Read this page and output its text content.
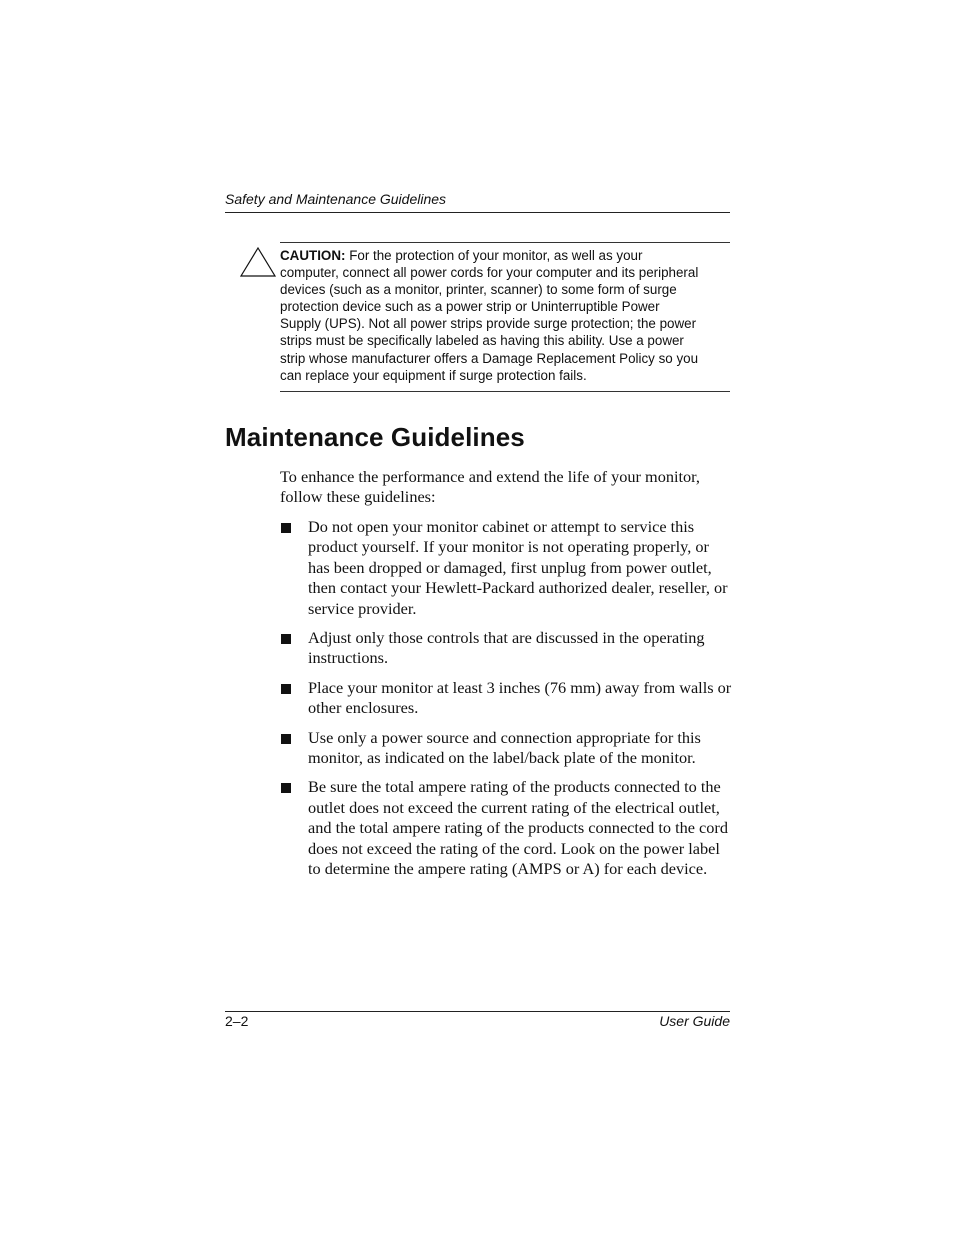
Safety and Maintenance Guidelines
CAUTION: For the protection of your monitor, as well as your computer, connect all power cords for your computer and its peripheral devices (such as a monitor, printer, scanner) to some form of surge protection device such as a power strip or Uninterruptible Power Supply (UPS). Not all power strips provide surge protection; the power strips must be specifically labeled as having this ability. Use a power strip whose manufacturer offers a Damage Replacement Policy so you can replace your equipment if surge protection fails.
Maintenance Guidelines

To enhance the performance and extend the life of your monitor, follow these guidelines:

Do not open your monitor cabinet or attempt to service this product yourself. If your monitor is not operating properly, or has been dropped or damaged, first unplug from power outlet, then contact your Hewlett-Packard authorized dealer, reseller, or service provider.
Adjust only those controls that are discussed in the operating instructions.
Place your monitor at least 3 inches (76 mm) away from walls or other enclosures.
Use only a power source and connection appropriate for this monitor, as indicated on the label/back plate of the monitor.
Be sure the total ampere rating of the products connected to the outlet does not exceed the current rating of the electrical outlet, and the total ampere rating of the products connected to the cord does not exceed the rating of the cord. Look on the power label to determine the ampere rating (AMPS or A) for each device.
2–2	User Guide
